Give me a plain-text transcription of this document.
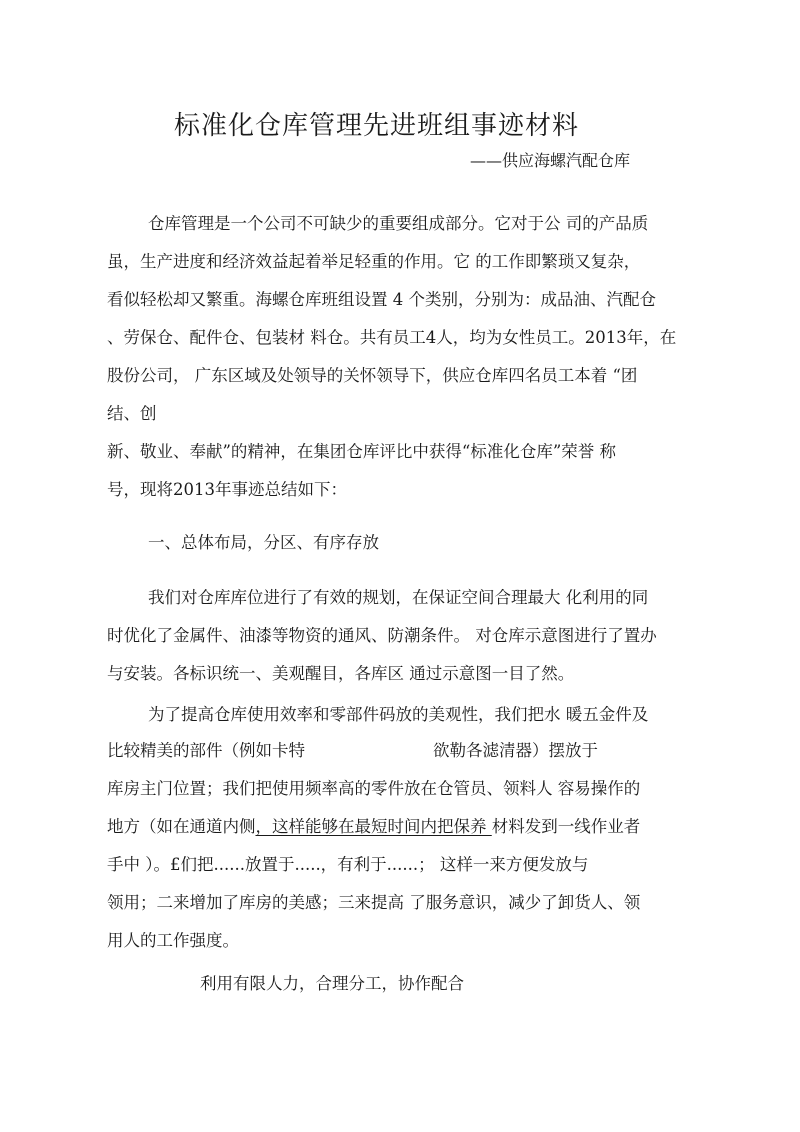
标准化仓库管理先进班组事迹材料
——供应海螺汽配仓库
仓库管理是一个公司不可缺少的重要组成部分。它对于公 司的产品质
虽，生产进度和经济效益起着举足轻重的作用。它 的工作即繁琐又复杂，
看似轻松却又繁重。海螺仓库班组设置 4 个类别，分别为：成品油、汽配仓
、劳保仓、配件仓、包装材 料仓。共有员工4人，均为女性员工。2013年，在
股份公司， 广东区域及处领导的关怀领导下，供应仓库四名员工本着 “团
结、创
新、敬业、奉献”的精神，在集团仓库评比中获得“标准化仓库”荣誉 称
号，现将2013年事迹总结如下：
一、总体布局，分区、有序存放
我们对仓库库位进行了有效的规划，在保证空间合理最大 化利用的同
时优化了金属件、油漆等物资的通风、防潮条件。 对仓库示意图进行了置办
与安装。各标识统一、美观醒目，各库区 通过示意图一目了然。
为了提高仓库使用效率和零部件码放的美观性，我们把水 暖五金件及
比较精美的部件（例如卡特	欲勒各滤清器）摆放于
库房主门位置；我们把使用频率高的零件放在仓管员、领料人 容易操作的
地方（如在通道内侧，这样能够在最短时间内把保养 材料发到一线作业者
手中 ）。£们把......放置于.....，有利于......； 这样一来方便发放与
领用；二来增加了库房的美感；三来提高 了服务意识，减少了卸货人、领
用人的工作强度。
利用有限人力，合理分工，协作配合
